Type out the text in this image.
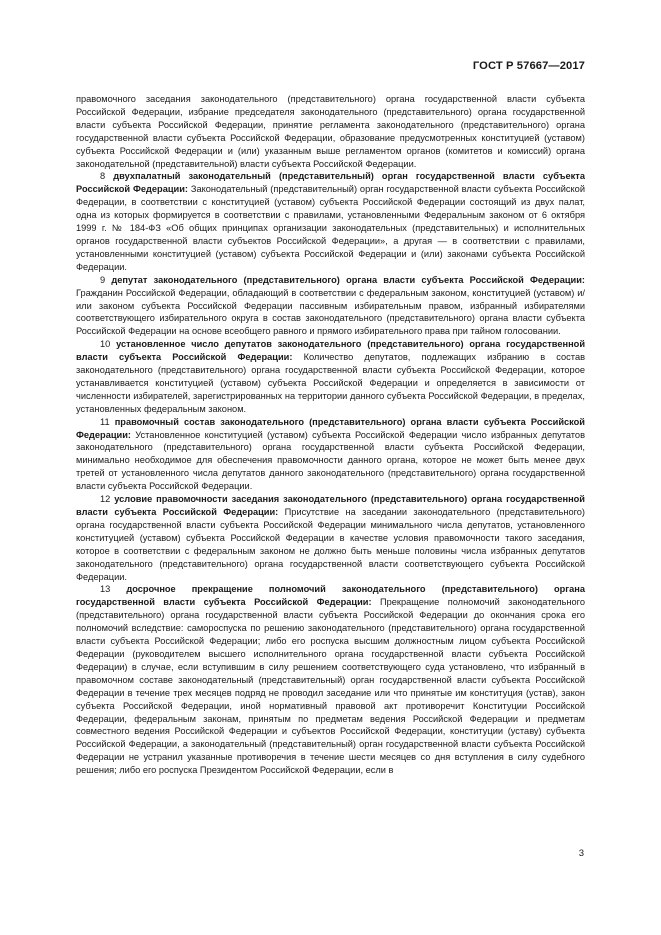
ГОСТ Р 57667—2017

правомочного заседания законодательного (представительного) органа государственной власти субъекта Российской Федерации, избрание председателя законодательного (представительного) органа государственной власти субъекта Российской Федерации, принятие регламента законодательного (представительного) органа государственной власти субъекта Российской Федерации, образование предусмотренных конституцией (уставом) субъекта Российской Федерации и (или) указанным выше регламентом органов (комитетов и комиссий) органа законодательной (представительной) власти субъекта Российской Федерации.

8 двухпалатный законодательный (представительный) орган государственной власти субъекта Российской Федерации: Законодательный (представительный) орган государственной власти субъекта Российской Федерации, в соответствии с конституцией (уставом) субъекта Российской Федерации состоящий из двух палат, одна из которых формируется в соответствии с правилами, установленными Федеральным законом от 6 октября 1999 г. № 184-ФЗ «Об общих принципах организации законодательных (представительных) и исполнительных органов государственной власти субъектов Российской Федерации», а другая — в соответствии с правилами, установленными конституцией (уставом) субъекта Российской Федерации и (или) законами субъекта Российской Федерации.

9 депутат законодательного (представительного) органа власти субъекта Российской Федерации: Гражданин Российской Федерации, обладающий в соответствии с федеральным законом, конституцией (уставом) и/или законом субъекта Российской Федерации пассивным избирательным правом, избранный избирателями соответствующего избирательного округа в состав законодательного (представительного) органа власти субъекта Российской Федерации на основе всеобщего равного и прямого избирательного права при тайном голосовании.

10 установленное число депутатов законодательного (представительного) органа государственной власти субъекта Российской Федерации: Количество депутатов, подлежащих избранию в состав законодательного (представительного) органа государственной власти субъекта Российской Федерации, которое устанавливается конституцией (уставом) субъекта Российской Федерации и определяется в зависимости от численности избирателей, зарегистрированных на территории данного субъекта Российской Федерации, в пределах, установленных федеральным законом.

11 правомочный состав законодательного (представительного) органа власти субъекта Российской Федерации: Установленное конституцией (уставом) субъекта Российской Федерации число избранных депутатов законодательного (представительного) органа государственной власти субъекта Российской Федерации, минимально необходимое для обеспечения правомочности данного органа, которое не может быть менее двух третей от установленного числа депутатов данного законодательного (представительного) органа государственной власти субъекта Российской Федерации.

12 условие правомочности заседания законодательного (представительного) органа государственной власти субъекта Российской Федерации: Присутствие на заседании законодательного (представительного) органа государственной власти субъекта Российской Федерации минимального числа депутатов, установленного конституцией (уставом) субъекта Российской Федерации в качестве условия правомочности такого заседания, которое в соответствии с федеральным законом не должно быть меньше половины числа избранных депутатов законодательного (представительного) органа государственной власти соответствующего субъекта Российской Федерации.

13 досрочное прекращение полномочий законодательного (представительного) органа государственной власти субъекта Российской Федерации: Прекращение полномочий законодательного (представительного) органа государственной власти субъекта Российской Федерации до окончания срока его полномочий вследствие: самороспуска по решению законодательного (представительного) органа государственной власти субъекта Российской Федерации; либо его роспуска высшим должностным лицом субъекта Российской Федерации (руководителем высшего исполнительного органа государственной власти субъекта Российской Федерации) в случае, если вступившим в силу решением соответствующего суда установлено, что избранный в правомочном составе законодательный (представительный) орган государственной власти субъекта Российской Федерации в течение трех месяцев подряд не проводил заседание или что принятые им конституция (устав), закон субъекта Российской Федерации, иной нормативный правовой акт противоречит Конституции Российской Федерации, федеральным законам, принятым по предметам ведения Российской Федерации и предметам совместного ведения Российской Федерации и субъектов Российской Федерации, конституции (уставу) субъекта Российской Федерации, а законодательный (представительный) орган государственной власти субъекта Российской Федерации не устранил указанные противоречия в течение шести месяцев со дня вступления в силу судебного решения; либо его роспуска Президентом Российской Федерации, если в

3
